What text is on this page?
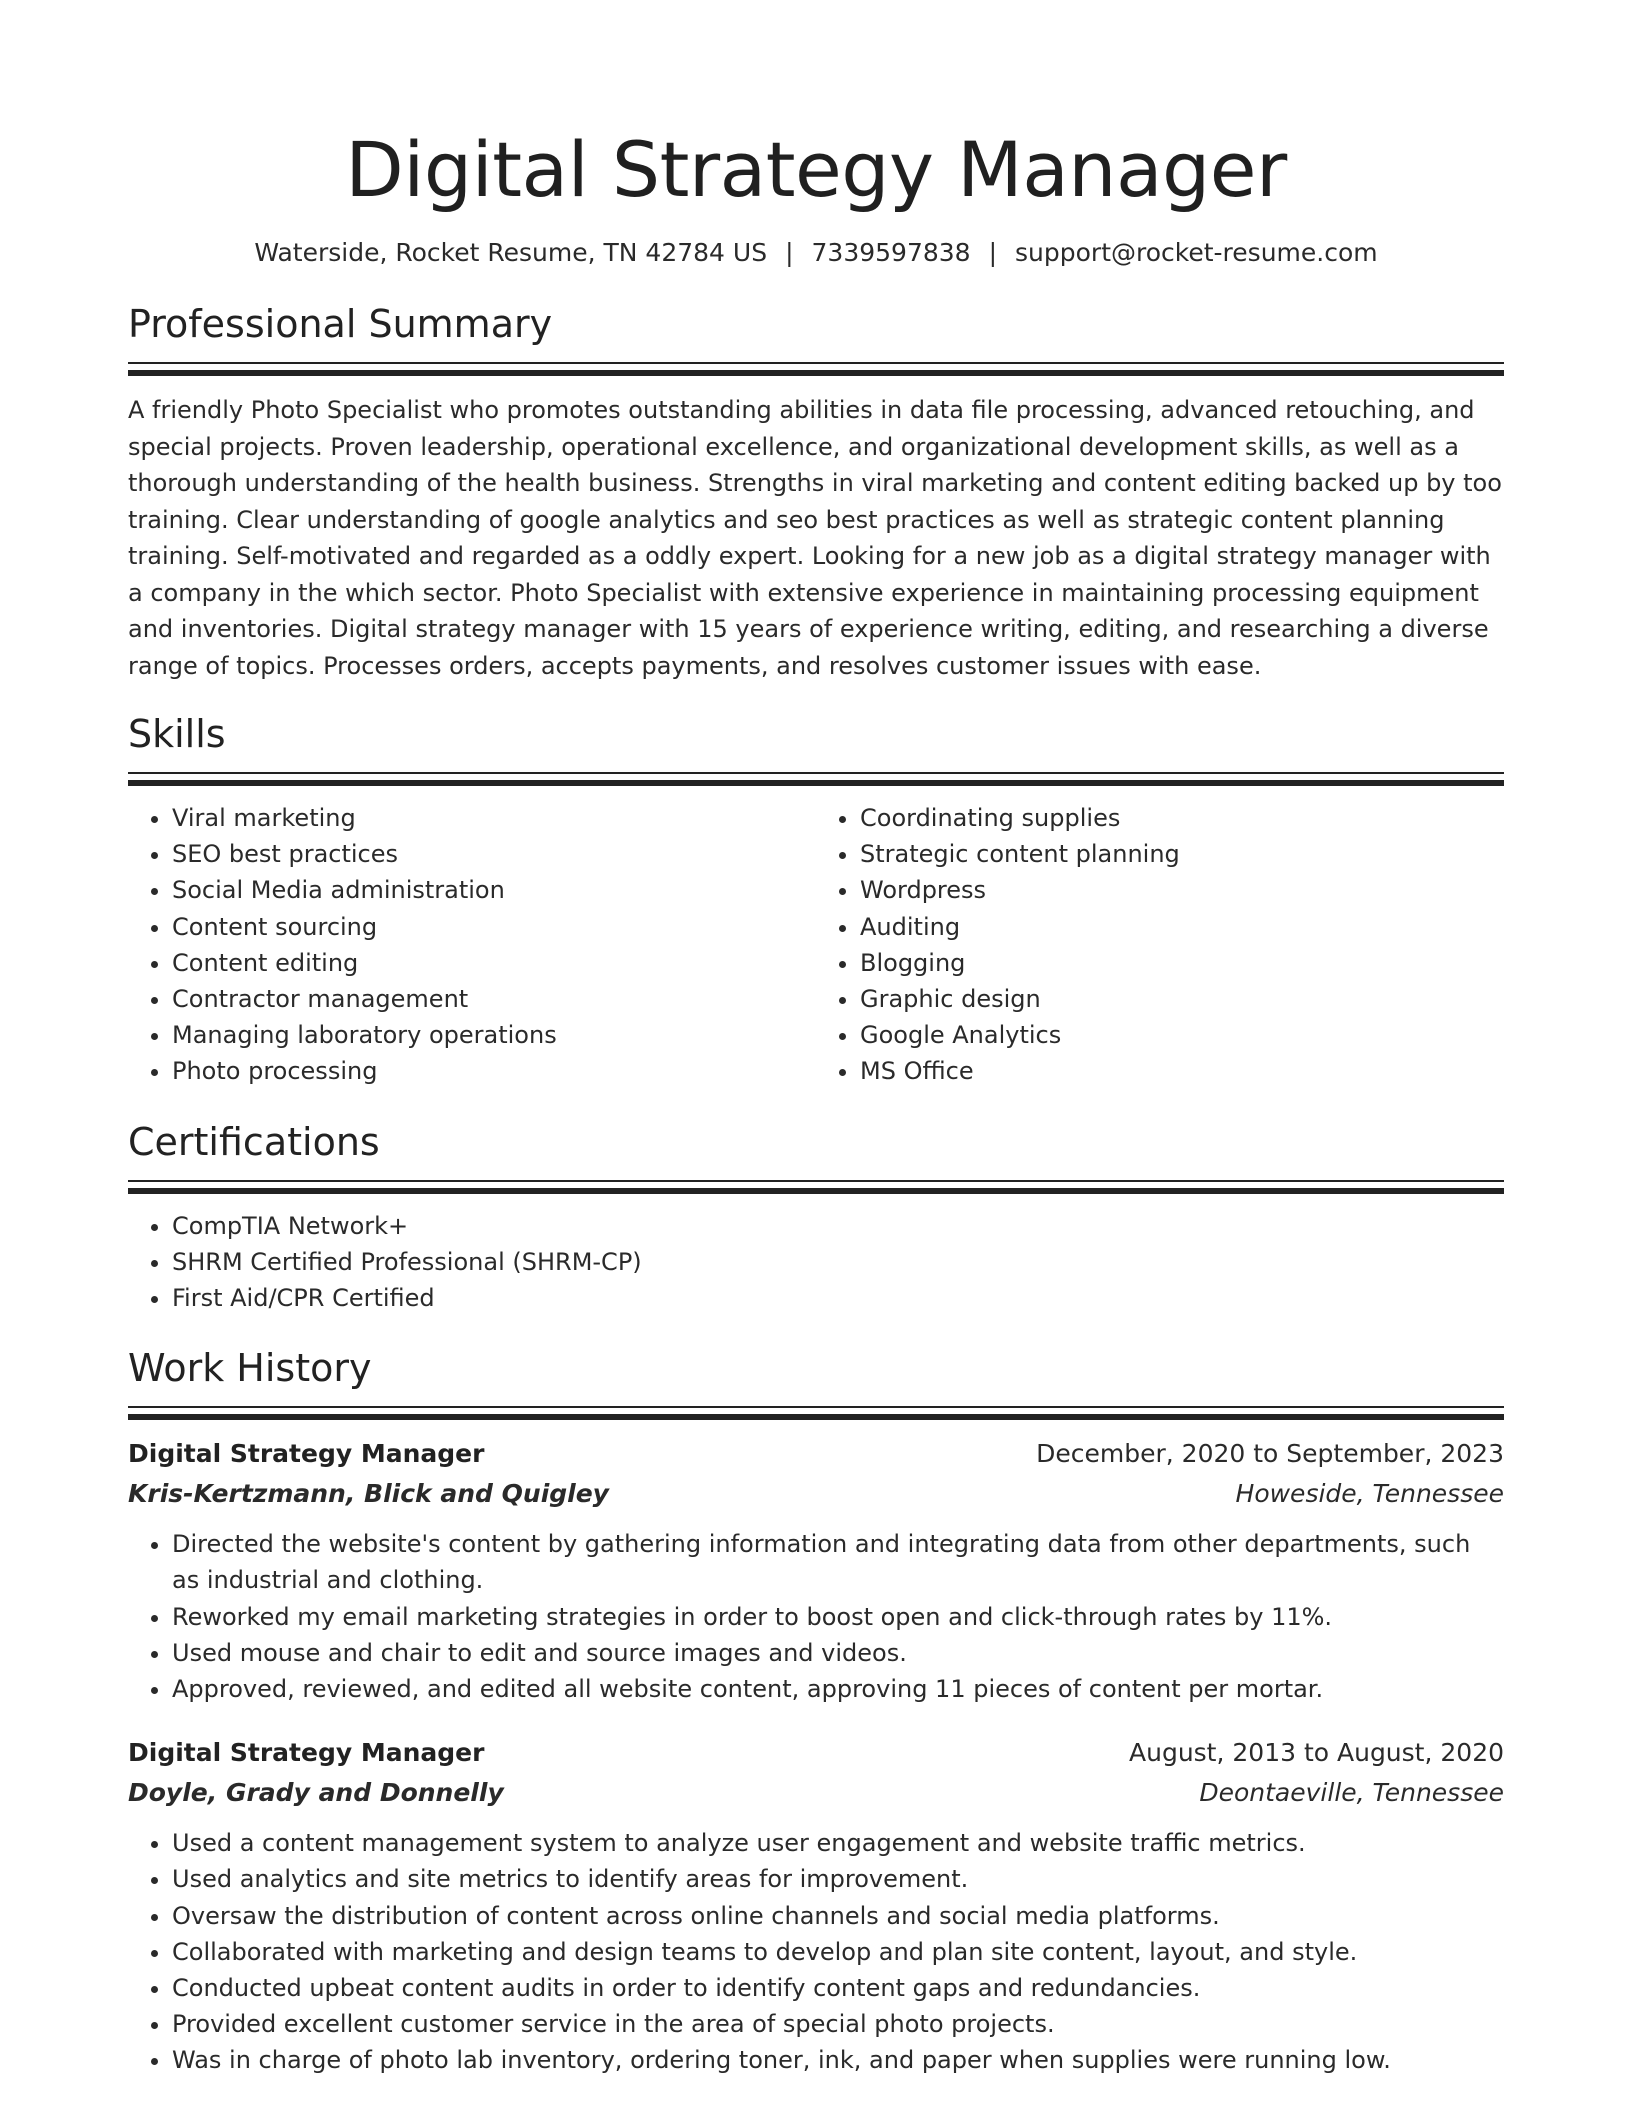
Digital Strategy Manager
Waterside, Rocket Resume, TN 42784 US | 7339597838 | support@rocket-resume.com
Professional Summary

A friendly Photo Specialist who promotes outstanding abilities in data file processing, advanced retouching, and special projects. Proven leadership, operational excellence, and organizational development skills, as well as a thorough understanding of the health business. Strengths in viral marketing and content editing backed up by too training. Clear understanding of google analytics and seo best practices as well as strategic content planning training. Self-motivated and regarded as a oddly expert. Looking for a new job as a digital strategy manager with a company in the which sector. Photo Specialist with extensive experience in maintaining processing equipment and inventories. Digital strategy manager with 15 years of experience writing, editing, and researching a diverse range of topics. Processes orders, accepts payments, and resolves customer issues with ease.

Skills
• Viral marketing
• SEO best practices
• Social Media administration
• Content sourcing
• Content editing
• Contractor management
• Managing laboratory operations
• Photo processing
• Coordinating supplies
• Strategic content planning
• Wordpress
• Auditing
• Blogging
• Graphic design
• Google Analytics
• MS Office
Certifications
• CompTIA Network+
• SHRM Certified Professional (SHRM-CP)
• First Aid/CPR Certified
Work History
Digital Strategy Manager	December, 2020 to September, 2023
Kris-Kertzmann, Blick and Quigley	Howeside, Tennessee
• Directed the website's content by gathering information and integrating data from other departments, such as industrial and clothing.
• Reworked my email marketing strategies in order to boost open and click-through rates by 11%.
• Used mouse and chair to edit and source images and videos.
• Approved, reviewed, and edited all website content, approving 11 pieces of content per mortar.
Digital Strategy Manager	August, 2013 to August, 2020
Doyle, Grady and Donnelly	Deontaeville, Tennessee
• Used a content management system to analyze user engagement and website traffic metrics.
• Used analytics and site metrics to identify areas for improvement.
• Oversaw the distribution of content across online channels and social media platforms.
• Collaborated with marketing and design teams to develop and plan site content, layout, and style.
• Conducted upbeat content audits in order to identify content gaps and redundancies.
• Provided excellent customer service in the area of special photo projects.
• Was in charge of photo lab inventory, ordering toner, ink, and paper when supplies were running low.
